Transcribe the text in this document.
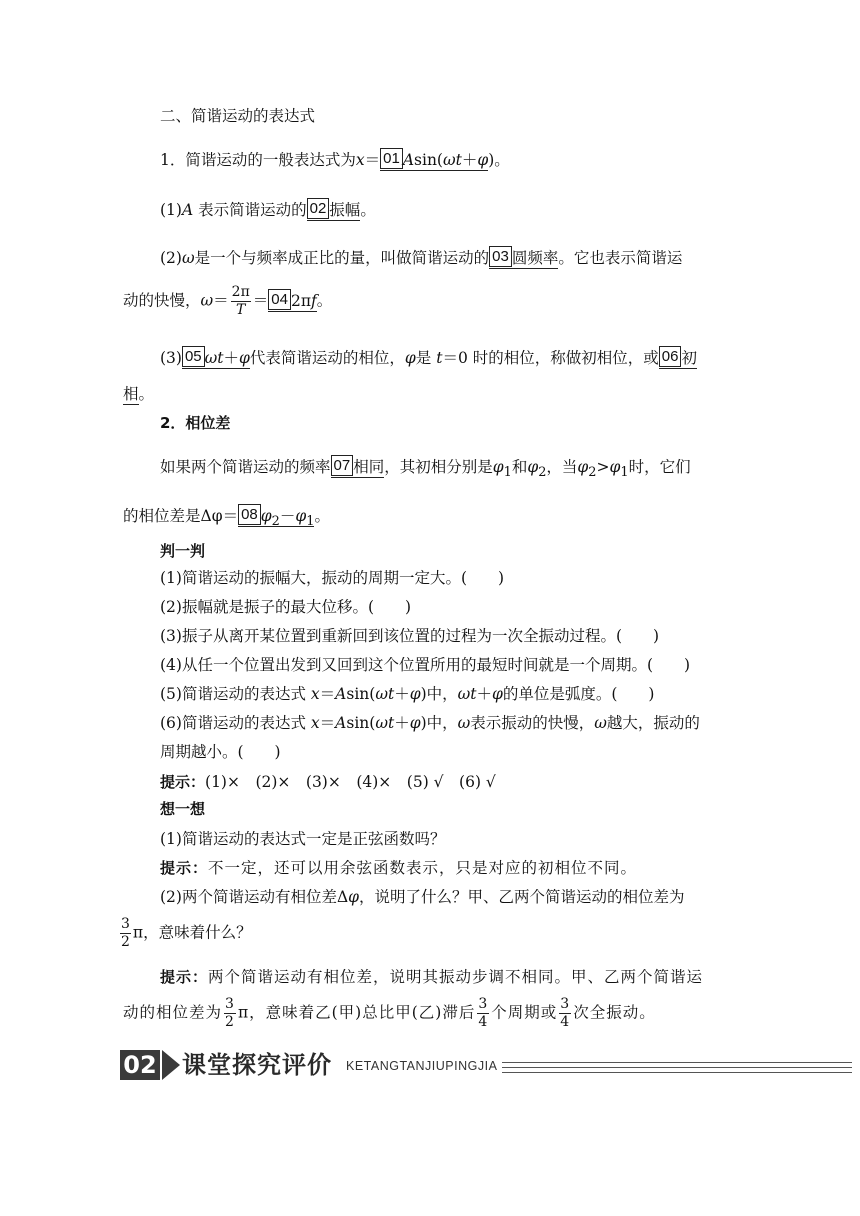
二、简谐运动的表达式
1．简谐运动的一般表达式为x＝ 01 Asin(ωt＋φ)。
(1)A 表示简谐运动的 02 振幅。
(2)ω是一个与频率成正比的量，叫做简谐运动的 03 圆频率。它也表示简谐运
动的快慢，$\omega= \frac{2\pi}{T} = 04$ 2πf。
(3) 05 ωt＋φ代表简谐运动的相位，φ是 t＝0 时的相位，称做初相位，或 06 初
相。
2．相位差
如果两个简谐运动的频率 07 相同，其初相分别是$\varphi_1$和$\varphi_2$，当$\varphi_2>\varphi_1$时，它们
的相位差是Δφ＝ 08 $\varphi_2-\varphi_1$。
判一判
(1)简谐运动的振幅大，振动的周期一定大。(　　)
(2)振幅就是振子的最大位移。(　　)
(3)振子从离开某位置到重新回到该位置的过程为一次全振动过程。(　　)
(4)从任一个位置出发到又回到这个位置所用的最短时间就是一个周期。(　　)
(5)简谐运动的表达式 x＝Asin(ωt＋φ)中，ωt＋φ的单位是弧度。(　　)
(6)简谐运动的表达式 x＝Asin(ωt＋φ)中，ω表示振动的快慢，ω越大，振动的
周期越小。(　　)
提示：(1)×　(2)×　(3)×　(4)×　(5) √　(6) √
想一想
(1)简谐运动的表达式一定是正弦函数吗？
提示：不一定，还可以用余弦函数表示，只是对应的初相位不同。
(2)两个简谐运动有相位差Δφ，说明了什么？甲、乙两个简谐运动的相位差为
$\frac{3}{2}$ π，意味着什么？
提示：两个简谐运动有相位差，说明其振动步调不相同。甲、乙两个简谐运
动的相位差为 $\frac{3}{2}$ π，意味着乙(甲)总比甲(乙)滞后 $\frac{3}{4}$ 个周期或 $\frac{3}{4}$ 次全振动。
02 课堂探究评价 KETANGTANJIUPINGJIA
